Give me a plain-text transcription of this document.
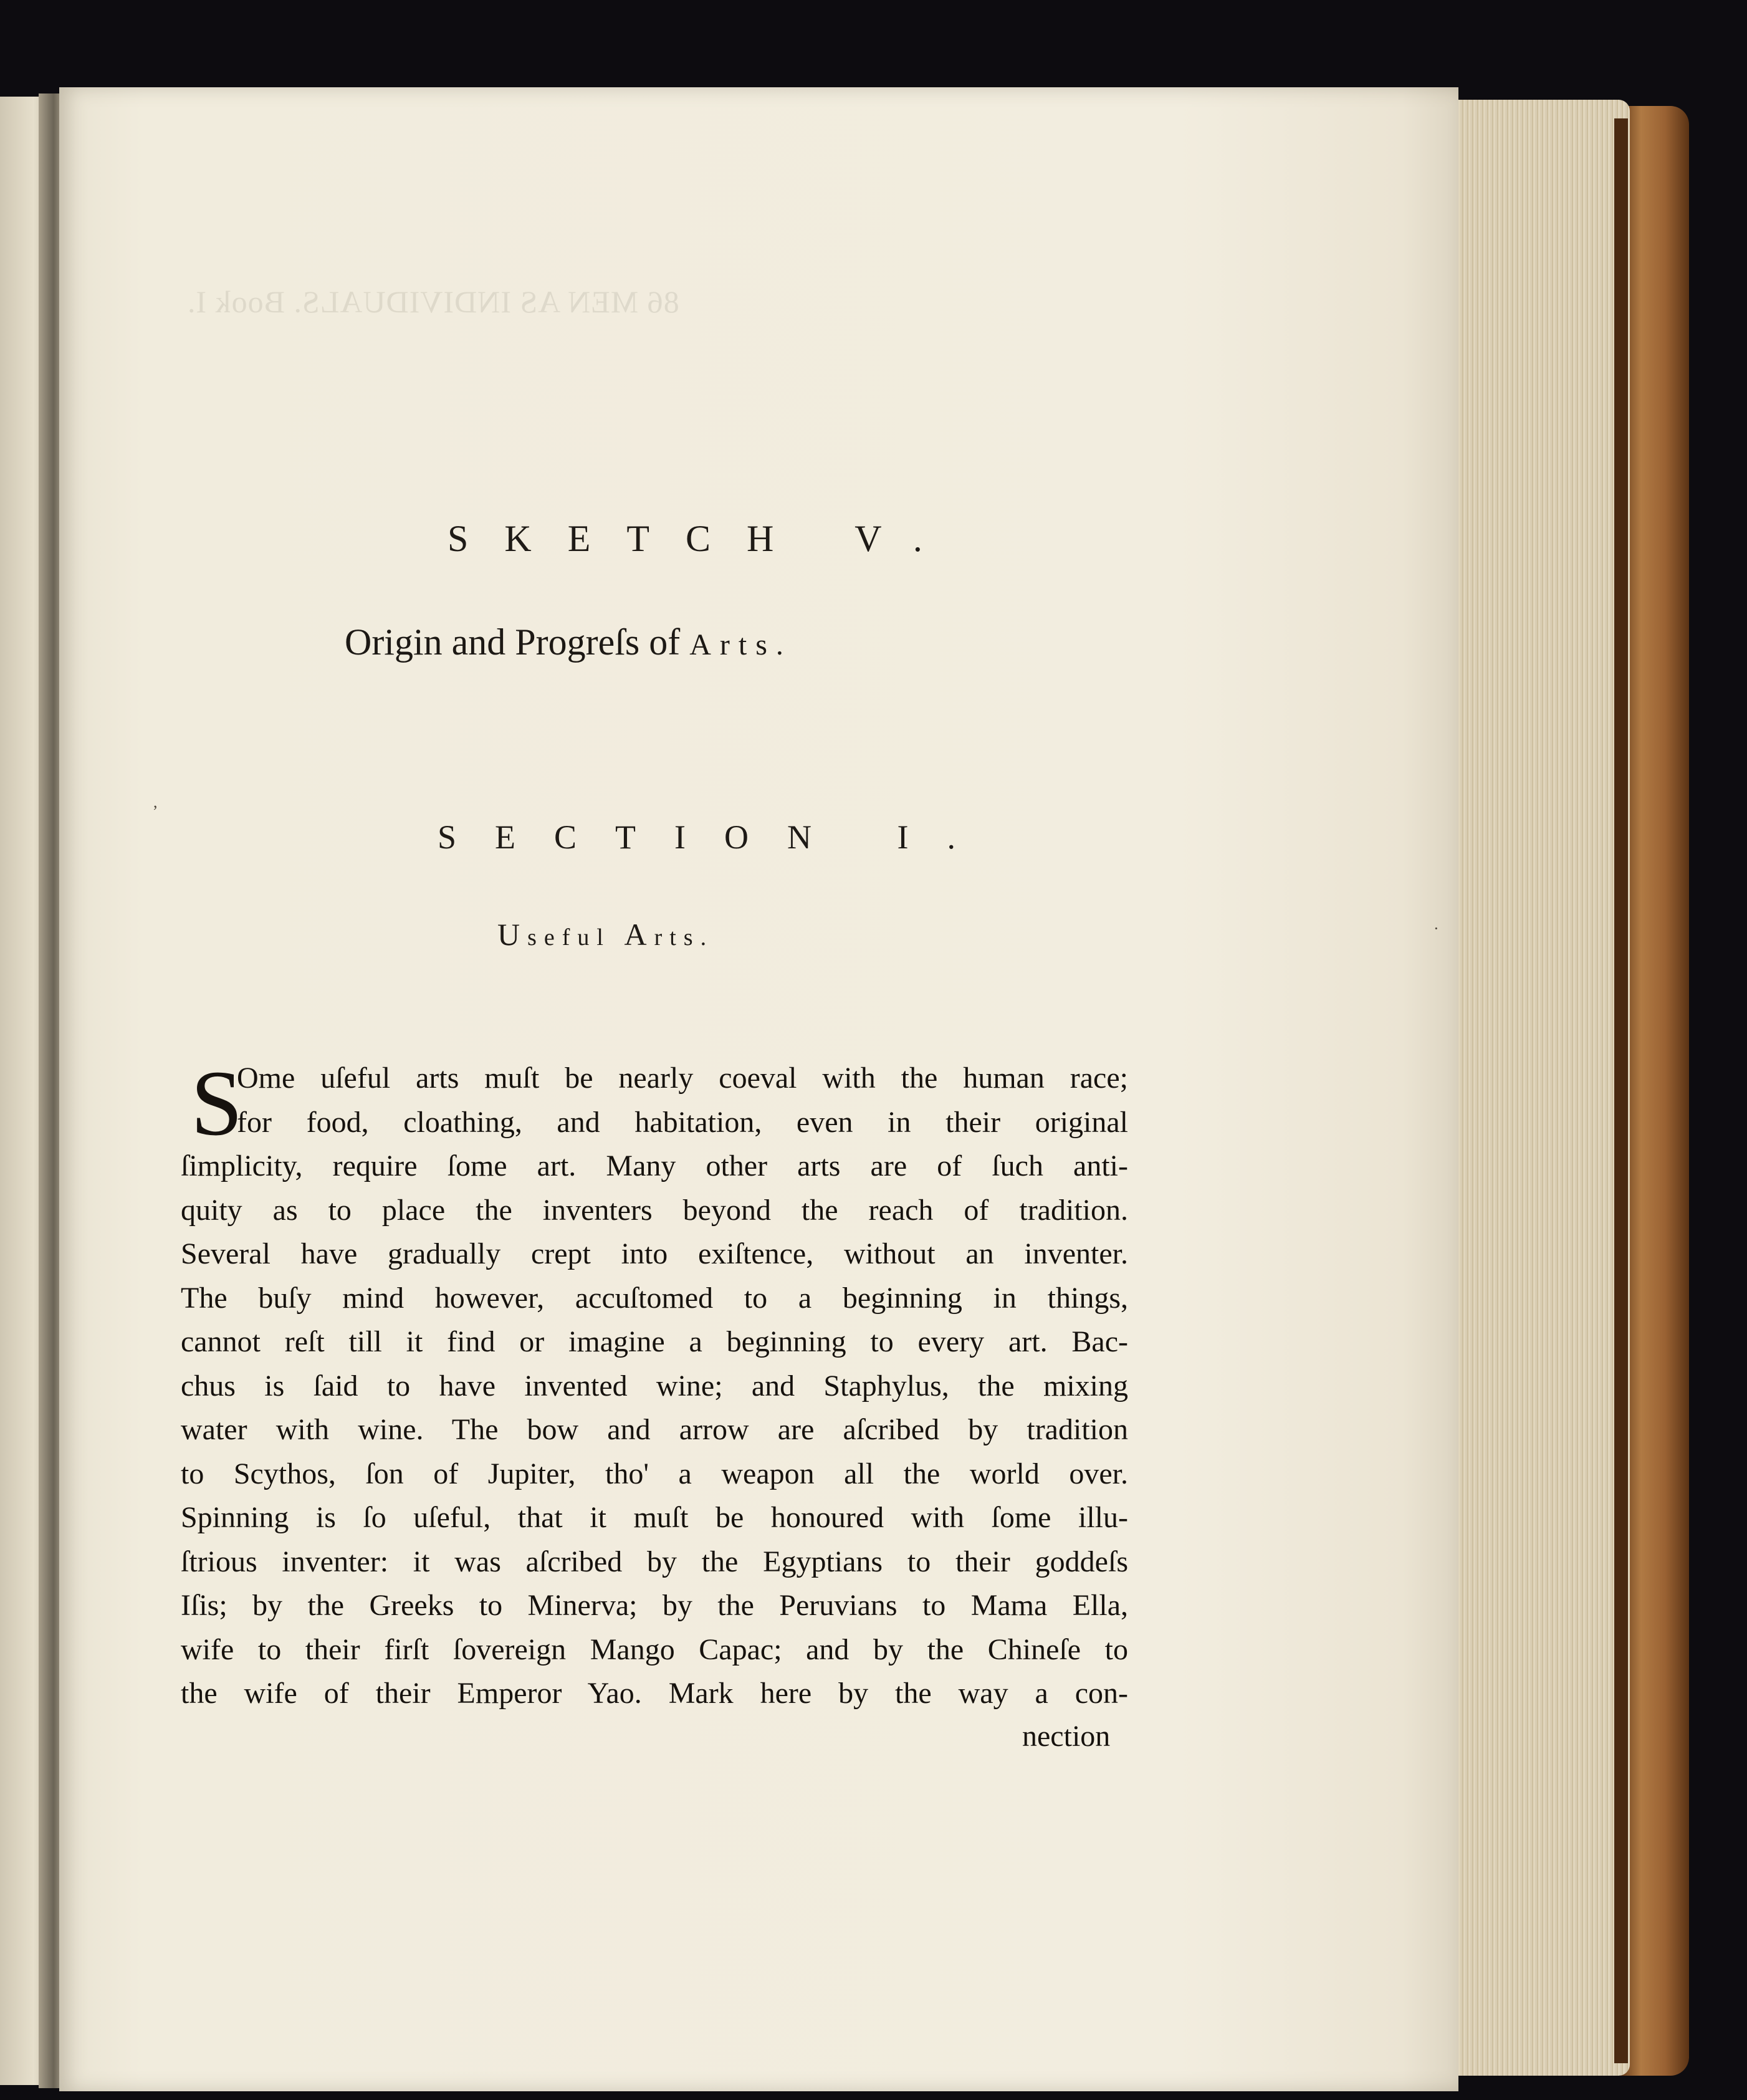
86 MEN AS INDIVIDUALS. Book I.
SKETCH V.
Origin and Progreſs of Arts.
SECTION I.
Useful Arts.
S
Ome uſeful arts muſt be nearly coeval with the human race;
for food, cloathing, and habitation, even in their original
ſimplicity, require ſome art. Many other arts are of ſuch anti-
quity as to place the inventers beyond the reach of tradition.
Several have gradually crept into exiſtence, without an inventer.
The buſy mind however, accuſtomed to a beginning in things,
cannot reſt till it find or imagine a beginning to every art. Bac-
chus is ſaid to have invented wine; and Staphylus, the mixing
water with wine. The bow and arrow are aſcribed by tradition
to Scythos, ſon of Jupiter, tho' a weapon all the world over.
Spinning is ſo uſeful, that it muſt be honoured with ſome illu-
ſtrious inventer: it was aſcribed by the Egyptians to their goddeſs
Iſis; by the Greeks to Minerva; by the Peruvians to Mama Ella,
wife to their firſt ſovereign Mango Capac; and by the Chineſe to
the wife of their Emperor Yao. Mark here by the way a con-
nection
,
·
